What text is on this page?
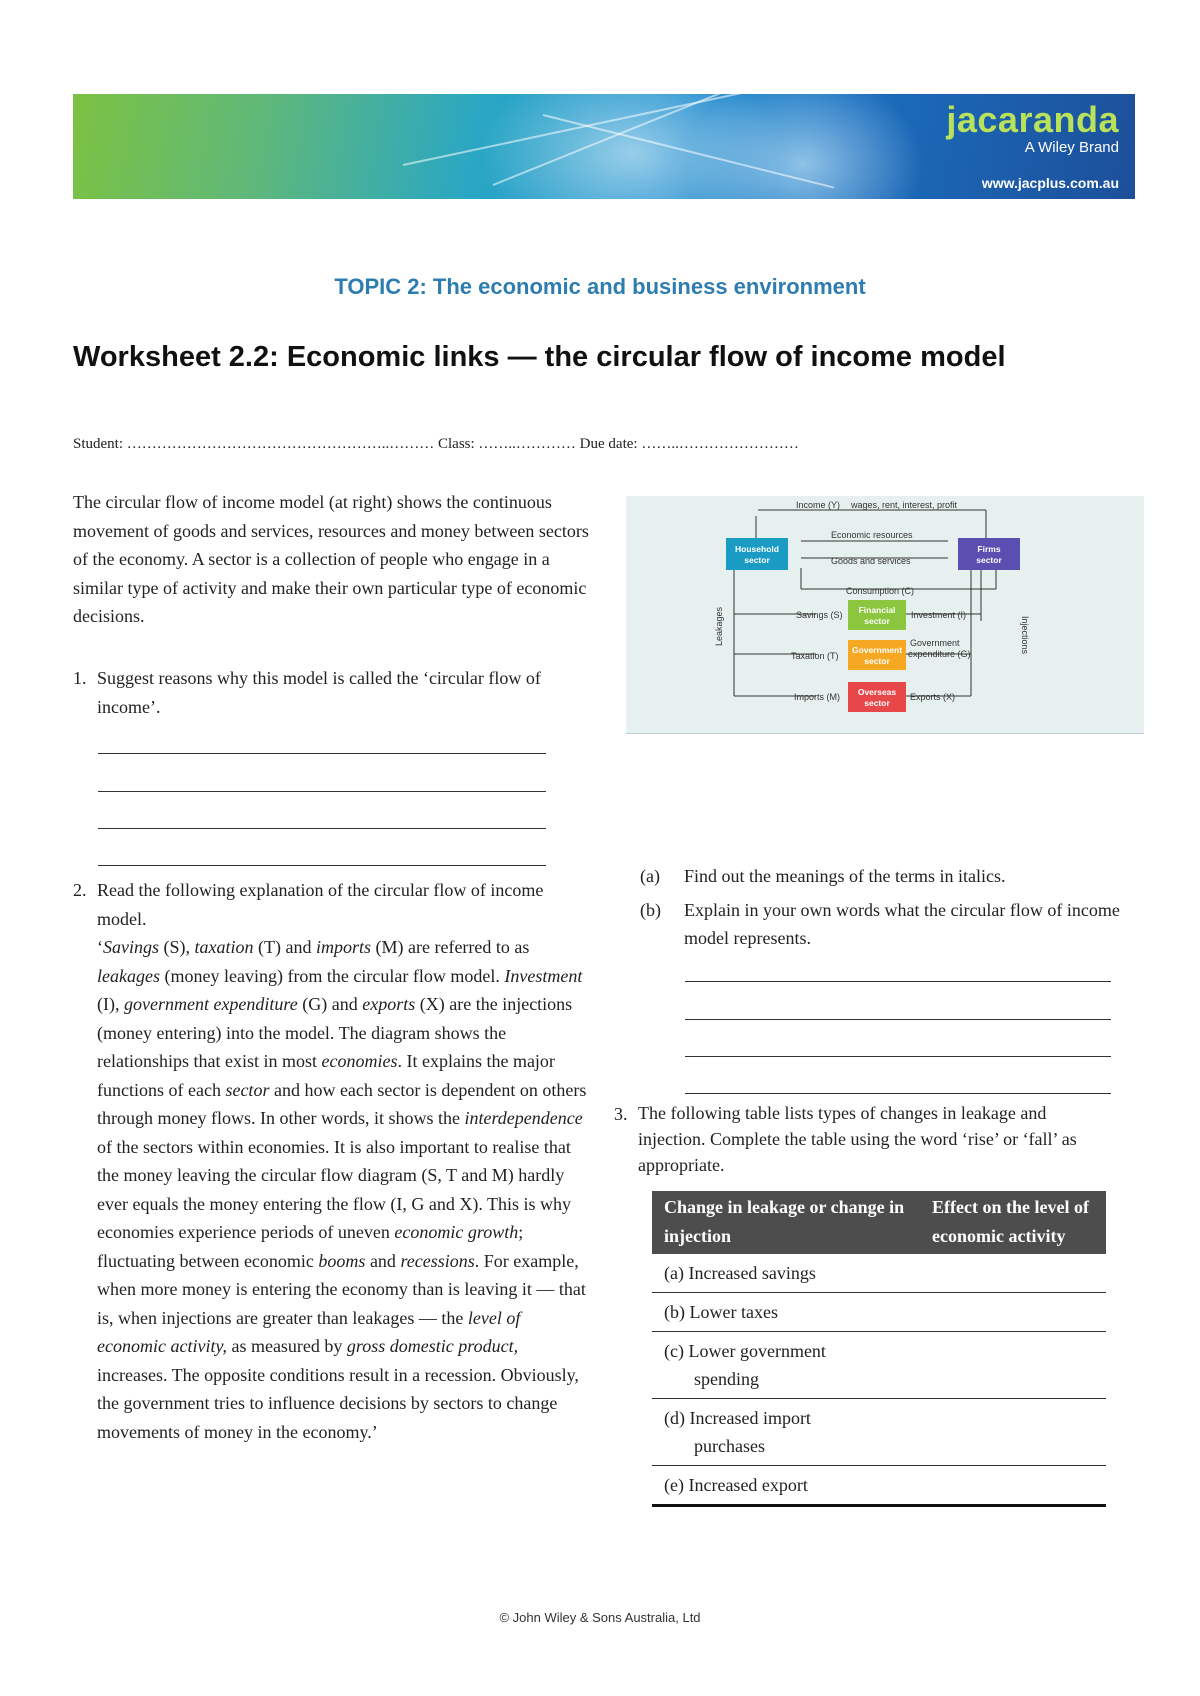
jacaranda
A Wiley Brand
www.jacplus.com.au
TOPIC 2: The economic and business environment
Worksheet 2.2: Economic links — the circular flow of income model
Student: ……………………………………………..……… Class: ……..………… Due date: ……..……………………
The circular flow of income model (at right) shows the continuous movement of goods and services, resources and money between sectors of the economy. A sector is a collection of people who engage in a similar type of activity and make their own particular type of economic decisions.
Household
sector
Firms
sector
Financial
sector
Government
sector
Overseas
sector
Income (Y) wages, rent, interest, profit
Economic resources
Goods and services
Consumption (C)
Savings (S)	Investment (I)
Taxation (T)
Government
expenditure (G)
Imports (M)	Exports (X)
Leakages	Injections
1. Suggest reasons why this model is called the ‘circular flow of income’.
2. Read the following explanation of the circular flow of income model.
‘Savings (S), taxation (T) and imports (M) are referred to as leakages (money leaving) from the circular flow model. Investment (I), government expenditure (G) and exports (X) are the injections (money entering) into the model. The diagram shows the relationships that exist in most economies. It explains the major functions of each sector and how each sector is dependent on others through money flows. In other words, it shows the interdependence of the sectors within economies. It is also important to realise that the money leaving the circular flow diagram (S, T and M) hardly ever equals the money entering the flow (I, G and X). This is why economies experience periods of uneven economic growth; fluctuating between economic booms and recessions. For example, when more money is entering the economy than is leaving it — that is, when injections are greater than leakages — the level of economic activity, as measured by gross domestic product, increases. The opposite conditions result in a recession. Obviously, the government tries to influence decisions by sectors to change movements of money in the economy.’
(a) Find out the meanings of the terms in italics.
(b) Explain in your own words what the circular flow of income model represents.
3. The following table lists types of changes in leakage and injection. Complete the table using the word ‘rise’ or ‘fall’ as appropriate.
Change in leakage or change in injection	Effect on the level of economic activity
(a) Increased savings	
(b) Lower taxes	
(c) Lower government
spending	

(d) Increased import
purchases	

(e) Increased export	
© John Wiley & Sons Australia, Ltd
